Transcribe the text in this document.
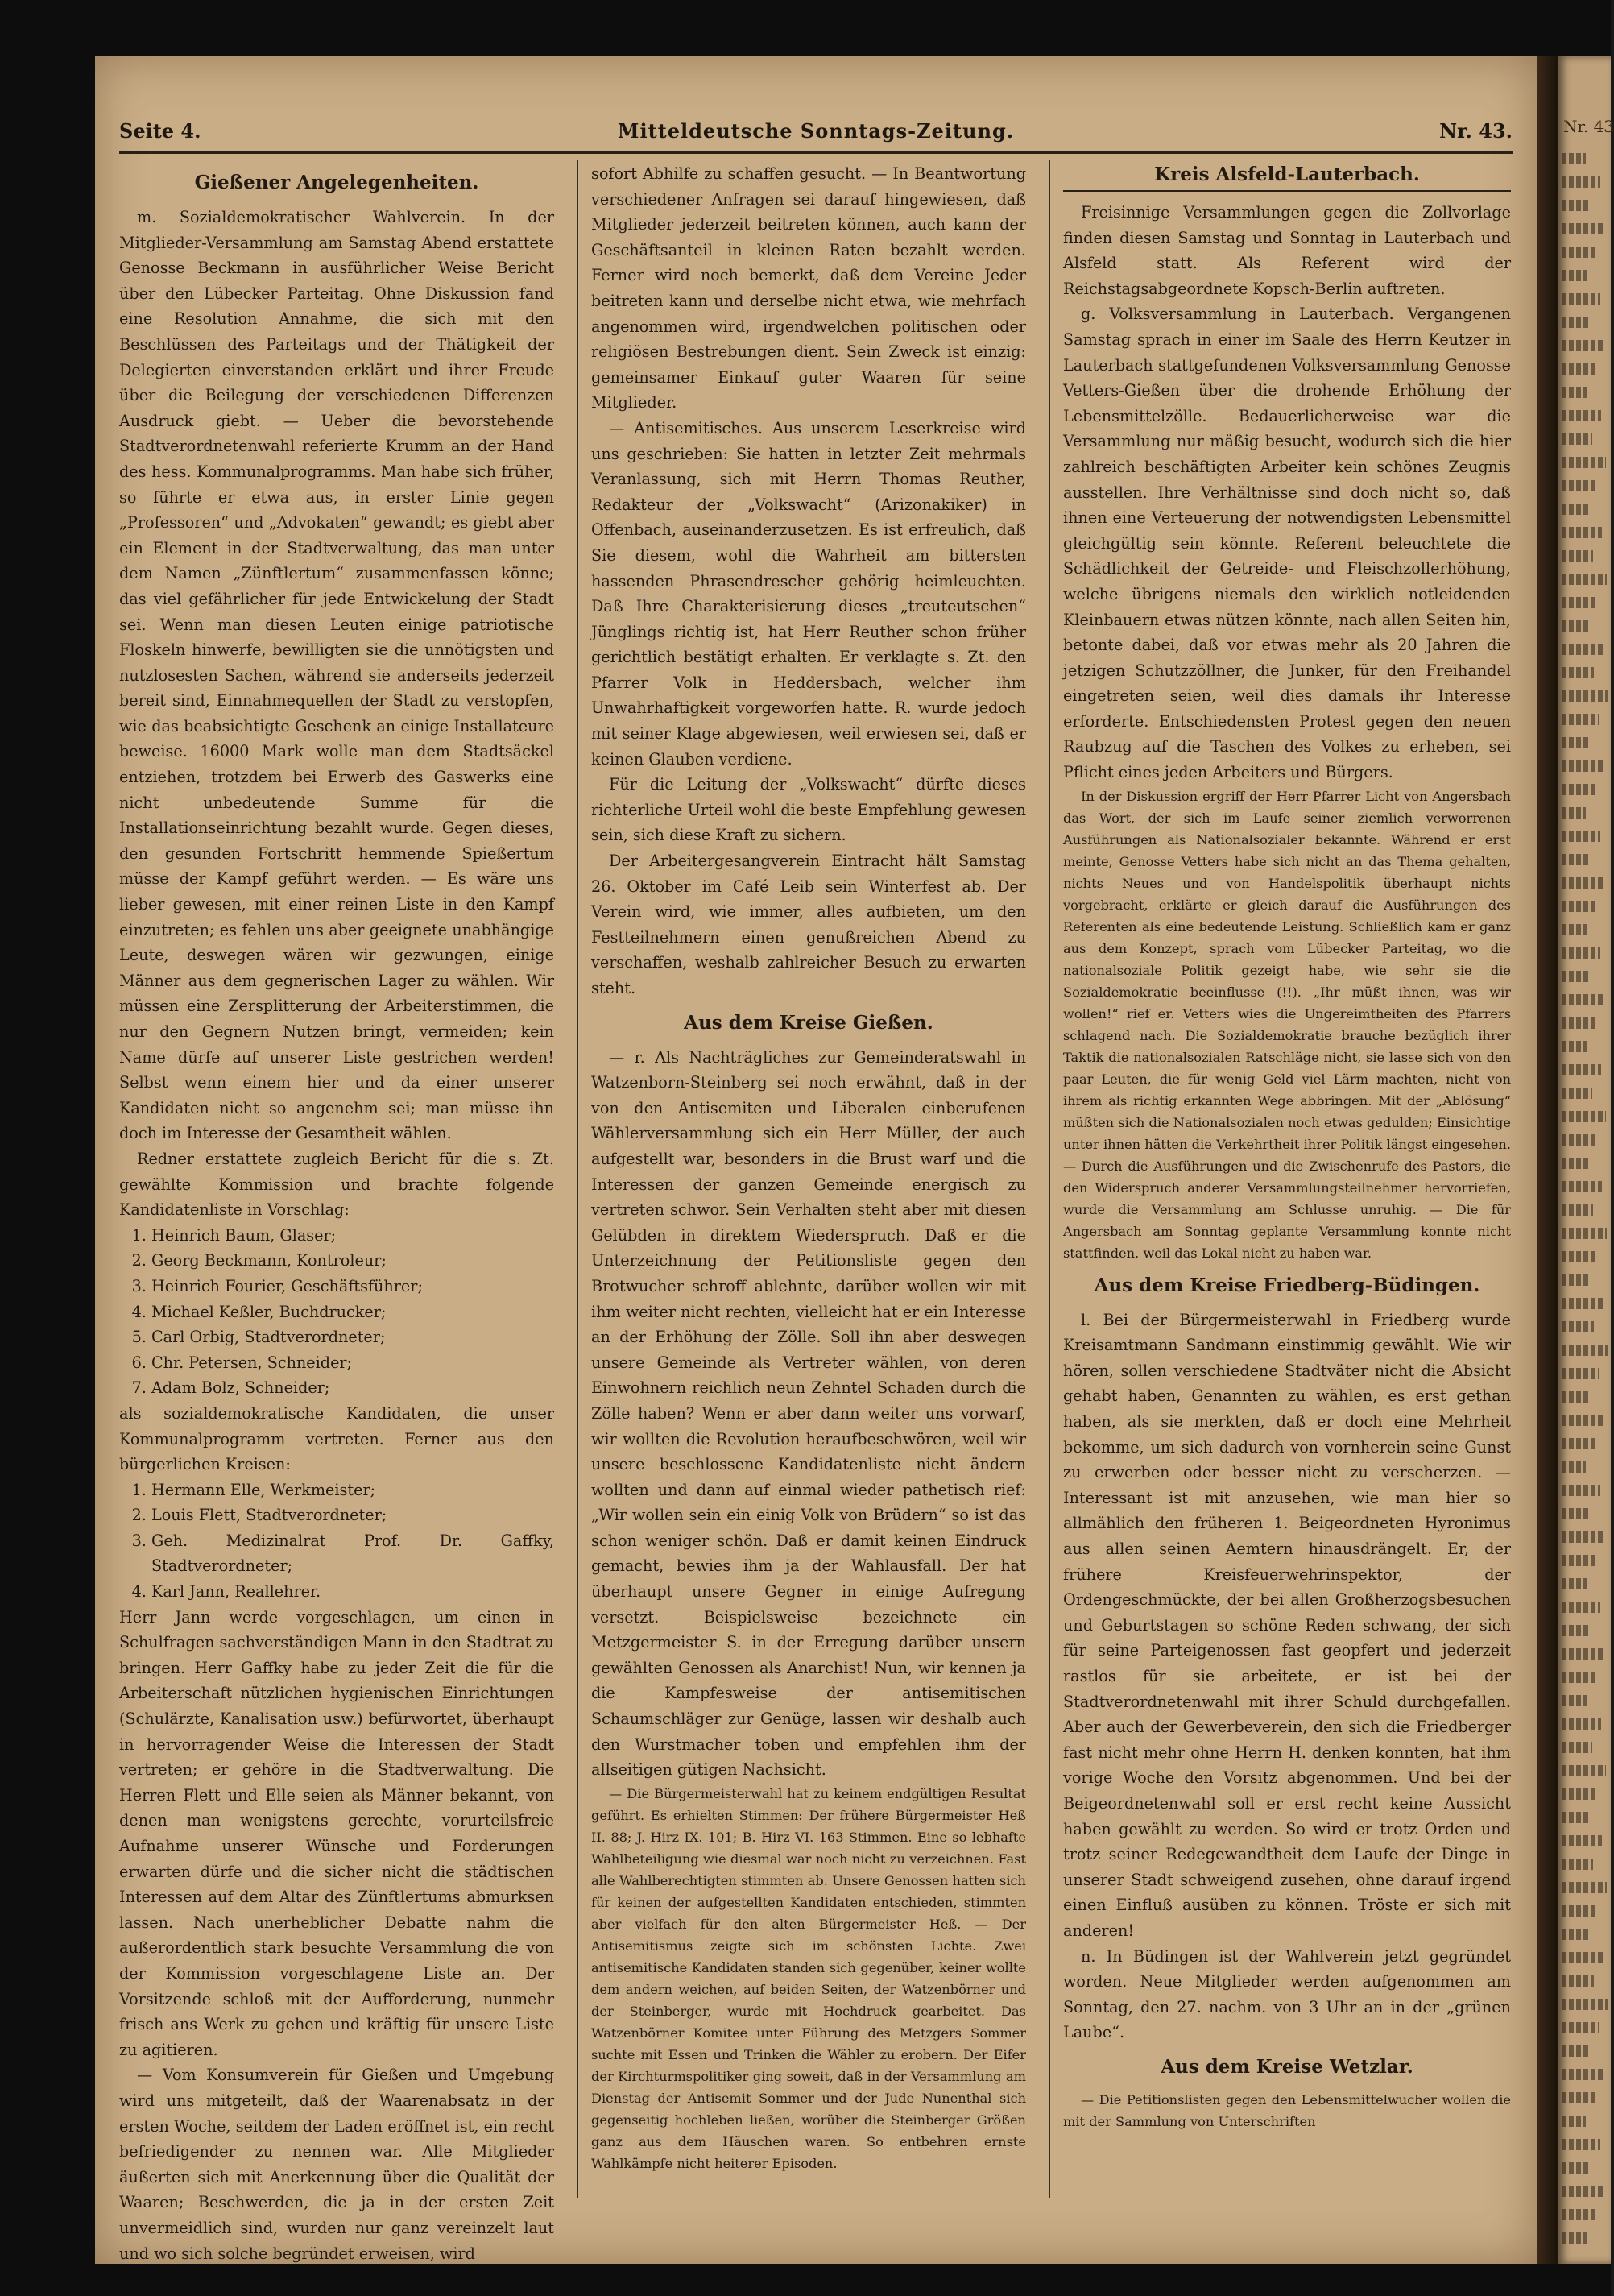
Seite 4.	Mitteldeutsche Sonntags-Zeitung.	Nr. 43.
Gießener Angelegenheiten.

m. Sozialdemokratischer Wahlverein. In der Mitglieder-Versammlung am Samstag Abend erstattete Genosse Beckmann in ausführlicher Weise Bericht über den Lübecker Parteitag. Ohne Diskussion fand eine Resolution Annahme, die sich mit den Beschlüssen des Parteitags und der Thätigkeit der Delegierten einverstanden erklärt und ihrer Freude über die Beilegung der verschiedenen Differenzen Ausdruck giebt. — Ueber die bevorstehende Stadtverordnetenwahl referierte Krumm an der Hand des hess. Kommunalprogramms. Man habe sich früher, so führte er etwa aus, in erster Linie gegen „Professoren“ und „Advokaten“ gewandt; es giebt aber ein Element in der Stadtverwaltung, das man unter dem Namen „Zünftlertum“ zusammenfassen könne; das viel gefährlicher für jede Entwickelung der Stadt sei. Wenn man diesen Leuten einige patriotische Floskeln hinwerfe, bewilligten sie die unnötigsten und nutzlosesten Sachen, während sie anderseits jederzeit bereit sind, Einnahmequellen der Stadt zu verstopfen, wie das beabsichtigte Geschenk an einige Installateure beweise. 16000 Mark wolle man dem Stadtsäckel entziehen, trotzdem bei Erwerb des Gaswerks eine nicht unbedeutende Summe für die Installationseinrichtung bezahlt wurde. Gegen dieses, den gesunden Fortschritt hemmende Spießertum müsse der Kampf geführt werden. — Es wäre uns lieber gewesen, mit einer reinen Liste in den Kampf einzutreten; es fehlen uns aber geeignete unabhängige Leute, deswegen wären wir gezwungen, einige Männer aus dem gegnerischen Lager zu wählen. Wir müssen eine Zersplitterung der Arbeiterstimmen, die nur den Gegnern Nutzen bringt, vermeiden; kein Name dürfe auf unserer Liste gestrichen werden! Selbst wenn einem hier und da einer unserer Kandidaten nicht so angenehm sei; man müsse ihn doch im Interesse der Gesamtheit wählen.

Redner erstattete zugleich Bericht für die s. Zt. gewählte Kommission und brachte folgende Kandidatenliste in Vorschlag:

1. Heinrich Baum, Glaser;
2. Georg Beckmann, Kontroleur;
3. Heinrich Fourier, Geschäftsführer;
4. Michael Keßler, Buchdrucker;
5. Carl Orbig, Stadtverordneter;
6. Chr. Petersen, Schneider;
7. Adam Bolz, Schneider;

als sozialdemokratische Kandidaten, die unser Kommunalprogramm vertreten. Ferner aus den bürgerlichen Kreisen:

1. Hermann Elle, Werkmeister;
2. Louis Flett, Stadtverordneter;
3. Geh. Medizinalrat Prof. Dr. Gaffky, Stadtverordneter;
4. Karl Jann, Reallehrer.

Herr Jann werde vorgeschlagen, um einen in Schulfragen sachverständigen Mann in den Stadtrat zu bringen. Herr Gaffky habe zu jeder Zeit die für die Arbeiterschaft nützlichen hygienischen Einrichtungen (Schulärzte, Kanalisation usw.) befürwortet, überhaupt in hervorragender Weise die Interessen der Stadt vertreten; er gehöre in die Stadtverwaltung. Die Herren Flett und Elle seien als Männer bekannt, von denen man wenigstens gerechte, vorurteilsfreie Aufnahme unserer Wünsche und Forderungen erwarten dürfe und die sicher nicht die städtischen Interessen auf dem Altar des Zünftlertums abmurksen lassen. Nach unerheblicher Debatte nahm die außerordentlich stark besuchte Versammlung die von der Kommission vorgeschlagene Liste an. Der Vorsitzende schloß mit der Aufforderung, nunmehr frisch ans Werk zu gehen und kräftig für unsere Liste zu agitieren.

— Vom Konsumverein für Gießen und Umgebung wird uns mitgeteilt, daß der Waarenabsatz in der ersten Woche, seitdem der Laden eröffnet ist, ein recht befriedigender zu nennen war. Alle Mitglieder äußerten sich mit Anerkennung über die Qualität der Waaren; Beschwerden, die ja in der ersten Zeit unvermeidlich sind, wurden nur ganz vereinzelt laut und wo sich solche begründet erweisen, wird

sofort Abhilfe zu schaffen gesucht. — In Beantwortung verschiedener Anfragen sei darauf hingewiesen, daß Mitglieder jederzeit beitreten können, auch kann der Geschäftsanteil in kleinen Raten bezahlt werden. Ferner wird noch bemerkt, daß dem Vereine Jeder beitreten kann und derselbe nicht etwa, wie mehrfach angenommen wird, irgendwelchen politischen oder religiösen Bestrebungen dient. Sein Zweck ist einzig: gemeinsamer Einkauf guter Waaren für seine Mitglieder.

— Antisemitisches. Aus unserem Leserkreise wird uns geschrieben: Sie hatten in letzter Zeit mehrmals Veranlassung, sich mit Herrn Thomas Reuther, Redakteur der „Volkswacht“ (Arizonakiker) in Offenbach, auseinanderzusetzen. Es ist erfreulich, daß Sie diesem, wohl die Wahrheit am bittersten hassenden Phrasendrescher gehörig heimleuchten. Daß Ihre Charakterisierung dieses „treuteutschen“ Jünglings richtig ist, hat Herr Reuther schon früher gerichtlich bestätigt erhalten. Er verklagte s. Zt. den Pfarrer Volk in Heddersbach, welcher ihm Unwahrhaftigkeit vorgeworfen hatte. R. wurde jedoch mit seiner Klage abgewiesen, weil erwiesen sei, daß er keinen Glauben verdiene.

Für die Leitung der „Volkswacht“ dürfte dieses richterliche Urteil wohl die beste Empfehlung gewesen sein, sich diese Kraft zu sichern.

Der Arbeitergesangverein Eintracht hält Samstag 26. Oktober im Café Leib sein Winterfest ab. Der Verein wird, wie immer, alles aufbieten, um den Festteilnehmern einen genußreichen Abend zu verschaffen, weshalb zahlreicher Besuch zu erwarten steht.

Aus dem Kreise Gießen.

— r. Als Nachträgliches zur Gemeinderatswahl in Watzenborn-Steinberg sei noch erwähnt, daß in der von den Antisemiten und Liberalen einberufenen Wählerversammlung sich ein Herr Müller, der auch aufgestellt war, besonders in die Brust warf und die Interessen der ganzen Gemeinde energisch zu vertreten schwor. Sein Verhalten steht aber mit diesen Gelübden in direktem Wiederspruch. Daß er die Unterzeichnung der Petitionsliste gegen den Brotwucher schroff ablehnte, darüber wollen wir mit ihm weiter nicht rechten, vielleicht hat er ein Interesse an der Erhöhung der Zölle. Soll ihn aber deswegen unsere Gemeinde als Vertreter wählen, von deren Einwohnern reichlich neun Zehntel Schaden durch die Zölle haben? Wenn er aber dann weiter uns vorwarf, wir wollten die Revolution heraufbeschwören, weil wir unsere beschlossene Kandidatenliste nicht ändern wollten und dann auf einmal wieder pathetisch rief: „Wir wollen sein ein einig Volk von Brüdern“ so ist das schon weniger schön. Daß er damit keinen Eindruck gemacht, bewies ihm ja der Wahlausfall. Der hat überhaupt unsere Gegner in einige Aufregung versetzt. Beispielsweise bezeichnete ein Metzgermeister S. in der Erregung darüber unsern gewählten Genossen als Anarchist! Nun, wir kennen ja die Kampfesweise der antisemitischen Schaumschläger zur Genüge, lassen wir deshalb auch den Wurstmacher toben und empfehlen ihm der allseitigen gütigen Nachsicht.

— Die Bürgermeisterwahl hat zu keinem endgültigen Resultat geführt. Es erhielten Stimmen: Der frühere Bürgermeister Heß II. 88; J. Hirz IX. 101; B. Hirz VI. 163 Stimmen. Eine so lebhafte Wahlbeteiligung wie diesmal war noch nicht zu verzeichnen. Fast alle Wahlberechtigten stimmten ab. Unsere Genossen hatten sich für keinen der aufgestellten Kandidaten entschieden, stimmten aber vielfach für den alten Bürgermeister Heß. — Der Antisemitismus zeigte sich im schönsten Lichte. Zwei antisemitische Kandidaten standen sich gegenüber, keiner wollte dem andern weichen, auf beiden Seiten, der Watzenbörner und der Steinberger, wurde mit Hochdruck gearbeitet. Das Watzenbörner Komitee unter Führung des Metzgers Sommer suchte mit Essen und Trinken die Wähler zu erobern. Der Eifer der Kirchturmspolitiker ging soweit, daß in der Versammlung am Dienstag der Antisemit Sommer und der Jude Nunenthal sich gegenseitig hochleben ließen, worüber die Steinberger Größen ganz aus dem Häuschen waren. So entbehren ernste Wahlkämpfe nicht heiterer Episoden.

Kreis Alsfeld-Lauterbach.

Freisinnige Versammlungen gegen die Zollvorlage finden diesen Samstag und Sonntag in Lauterbach und Alsfeld statt. Als Referent wird der Reichstagsabgeordnete Kopsch-Berlin auftreten.

g. Volksversammlung in Lauterbach. Vergangenen Samstag sprach in einer im Saale des Herrn Keutzer in Lauterbach stattgefundenen Volksversammlung Genosse Vetters-Gießen über die drohende Erhöhung der Lebensmittelzölle. Bedauerlicherweise war die Versammlung nur mäßig besucht, wodurch sich die hier zahlreich beschäftigten Arbeiter kein schönes Zeugnis ausstellen. Ihre Verhältnisse sind doch nicht so, daß ihnen eine Verteuerung der notwendigsten Lebensmittel gleichgültig sein könnte. Referent beleuchtete die Schädlichkeit der Getreide- und Fleischzollerhöhung, welche übrigens niemals den wirklich notleidenden Kleinbauern etwas nützen könnte, nach allen Seiten hin, betonte dabei, daß vor etwas mehr als 20 Jahren die jetzigen Schutzzöllner, die Junker, für den Freihandel eingetreten seien, weil dies damals ihr Interesse erforderte. Entschiedensten Protest gegen den neuen Raubzug auf die Taschen des Volkes zu erheben, sei Pflicht eines jeden Arbeiters und Bürgers.

In der Diskussion ergriff der Herr Pfarrer Licht von Angersbach das Wort, der sich im Laufe seiner ziemlich verworrenen Ausführungen als Nationalsozialer bekannte. Während er erst meinte, Genosse Vetters habe sich nicht an das Thema gehalten, nichts Neues und von Handelspolitik überhaupt nichts vorgebracht, erklärte er gleich darauf die Ausführungen des Referenten als eine bedeutende Leistung. Schließlich kam er ganz aus dem Konzept, sprach vom Lübecker Parteitag, wo die nationalsoziale Politik gezeigt habe, wie sehr sie die Sozialdemokratie beeinflusse (!!). „Ihr müßt ihnen, was wir wollen!“ rief er. Vetters wies die Ungereimtheiten des Pfarrers schlagend nach. Die Sozialdemokratie brauche bezüglich ihrer Taktik die nationalsozialen Ratschläge nicht, sie lasse sich von den paar Leuten, die für wenig Geld viel Lärm machten, nicht von ihrem als richtig erkannten Wege abbringen. Mit der „Ablösung“ müßten sich die Nationalsozialen noch etwas gedulden; Einsichtige unter ihnen hätten die Verkehrtheit ihrer Politik längst eingesehen. — Durch die Ausführungen und die Zwischenrufe des Pastors, die den Widerspruch anderer Versammlungsteilnehmer hervorriefen, wurde die Versammlung am Schlusse unruhig. — Die für Angersbach am Sonntag geplante Versammlung konnte nicht stattfinden, weil das Lokal nicht zu haben war.

Aus dem Kreise Friedberg-Büdingen.

l. Bei der Bürgermeisterwahl in Friedberg wurde Kreisamtmann Sandmann einstimmig gewählt. Wie wir hören, sollen verschiedene Stadtväter nicht die Absicht gehabt haben, Genannten zu wählen, es erst gethan haben, als sie merkten, daß er doch eine Mehrheit bekomme, um sich dadurch von vornherein seine Gunst zu erwerben oder besser nicht zu verscherzen. — Interessant ist mit anzusehen, wie man hier so allmählich den früheren 1. Beigeordneten Hyronimus aus allen seinen Aemtern hinausdrängelt. Er, der frühere Kreisfeuerwehrinspektor, der Ordengeschmückte, der bei allen Großherzogsbesuchen und Geburtstagen so schöne Reden schwang, der sich für seine Parteigenossen fast geopfert und jederzeit rastlos für sie arbeitete, er ist bei der Stadtverordnetenwahl mit ihrer Schuld durchgefallen. Aber auch der Gewerbeverein, den sich die Friedberger fast nicht mehr ohne Herrn H. denken konnten, hat ihm vorige Woche den Vorsitz abgenommen. Und bei der Beigeordnetenwahl soll er erst recht keine Aussicht haben gewählt zu werden. So wird er trotz Orden und trotz seiner Redegewandtheit dem Laufe der Dinge in unserer Stadt schweigend zusehen, ohne darauf irgend einen Einfluß ausüben zu können. Tröste er sich mit anderen!

n. In Büdingen ist der Wahlverein jetzt gegründet worden. Neue Mitglieder werden aufgenommen am Sonntag, den 27. nachm. von 3 Uhr an in der „grünen Laube“.

Aus dem Kreise Wetzlar.

— Die Petitionslisten gegen den Lebensmittelwucher wollen die mit der Sammlung von Unterschriften

Nr. 43
